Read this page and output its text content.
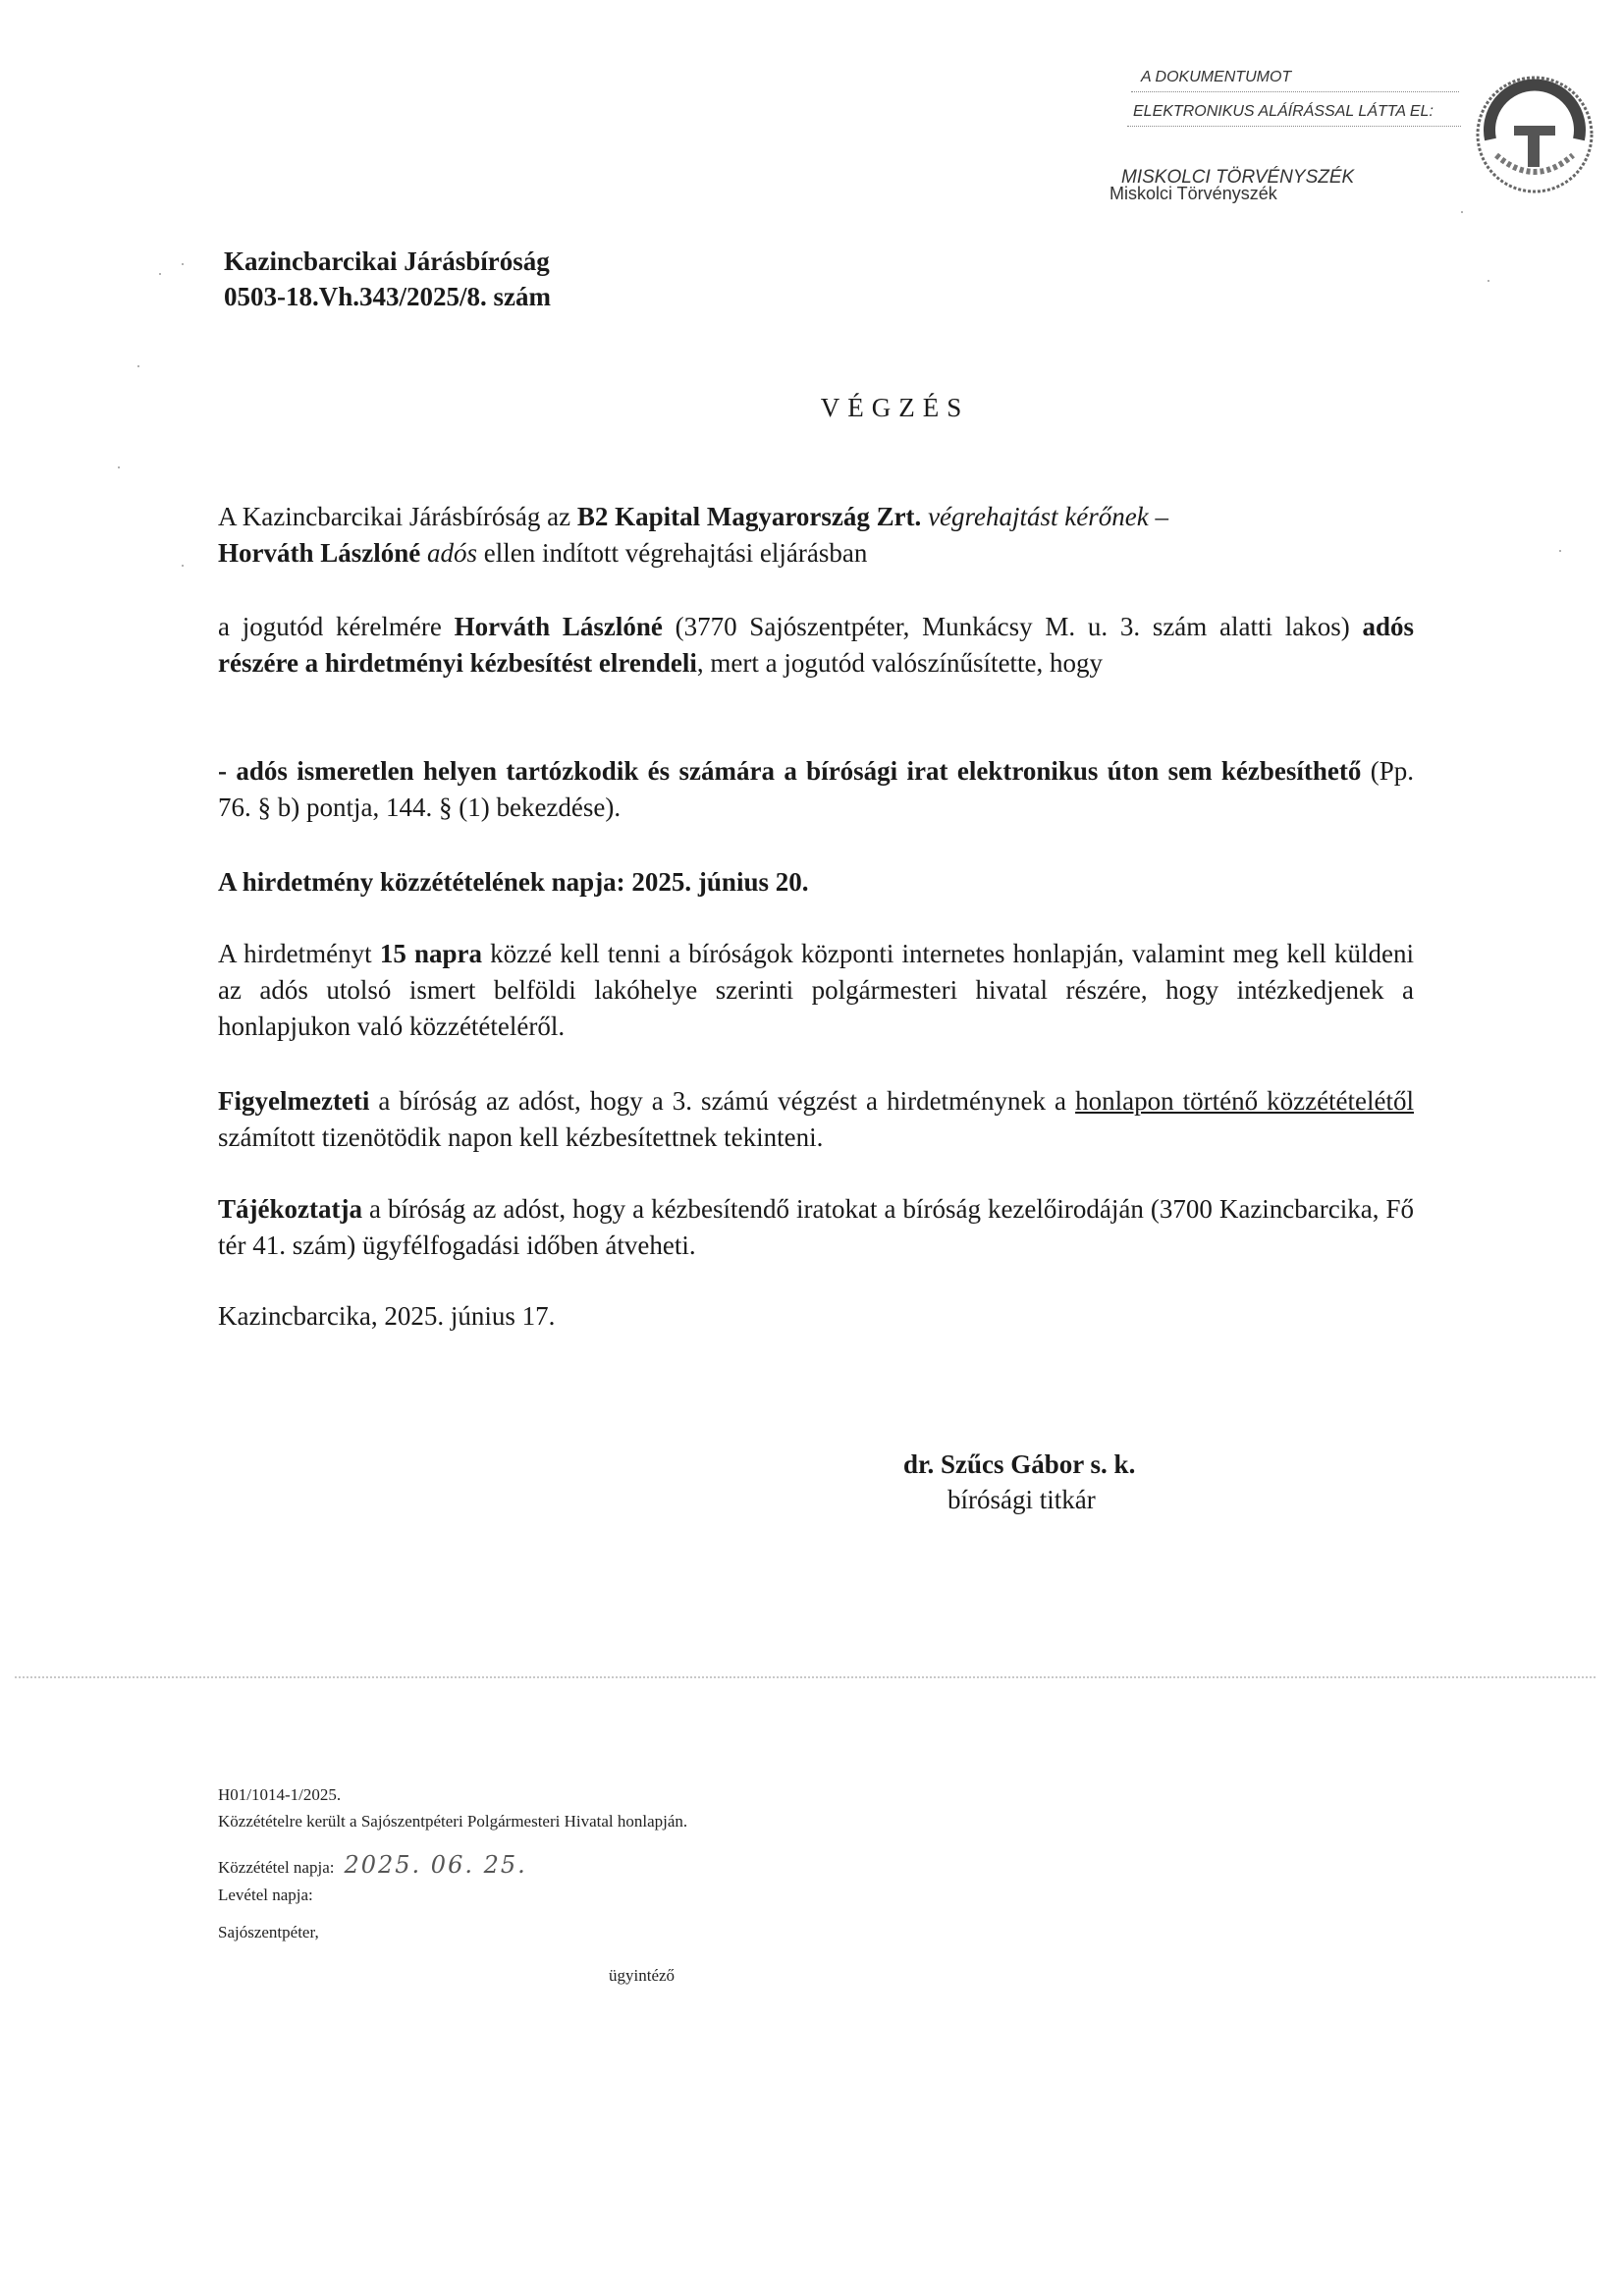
A DOKUMENTUMOT
ELEKTRONIKUS ALÁÍRÁSSAL LÁTTA EL:
MISKOLCI TÖRVÉNYSZÉK
Miskolci Törvényszék
Kazincbarcikai Járásbíróság
0503-18.Vh.343/2025/8. szám
VÉGZÉS
A Kazincbarcikai Járásbíróság az B2 Kapital Magyarország Zrt. végrehajtást kérőnek –
Horváth Lászlóné adós ellen indított végrehajtási eljárásban
a jogutód kérelmére Horváth Lászlóné (3770 Sajószentpéter, Munkácsy M. u. 3. szám alatti lakos) adós részére a hirdetményi kézbesítést elrendeli, mert a jogutód valószínűsítette, hogy
- adós ismeretlen helyen tartózkodik és számára a bírósági irat elektronikus úton sem kézbesíthető (Pp. 76. § b) pontja, 144. § (1) bekezdése).
A hirdetmény közzétételének napja: 2025. június 20.
A hirdetményt 15 napra közzé kell tenni a bíróságok központi internetes honlapján, valamint meg kell küldeni az adós utolsó ismert belföldi lakóhelye szerinti polgármesteri hivatal részére, hogy intézkedjenek a honlapjukon való közzétételéről.
Figyelmezteti a bíróság az adóst, hogy a 3. számú végzést a hirdetménynek a honlapon történő közzétételétől számított tizenötödik napon kell kézbesítettnek tekinteni.
Tájékoztatja a bíróság az adóst, hogy a kézbesítendő iratokat a bíróság kezelőirodáján (3700 Kazincbarcika, Fő tér 41. szám) ügyfélfogadási időben átveheti.
Kazincbarcika, 2025. június 17.
dr. Szűcs Gábor s. k.
bírósági titkár
H01/1014-1/2025.
Közzétételre került a Sajószentpéteri Polgármesteri Hivatal honlapján.
Közzététel napja: 2025. 06. 25.
Levétel napja:
Sajószentpéter,
ügyintéző
